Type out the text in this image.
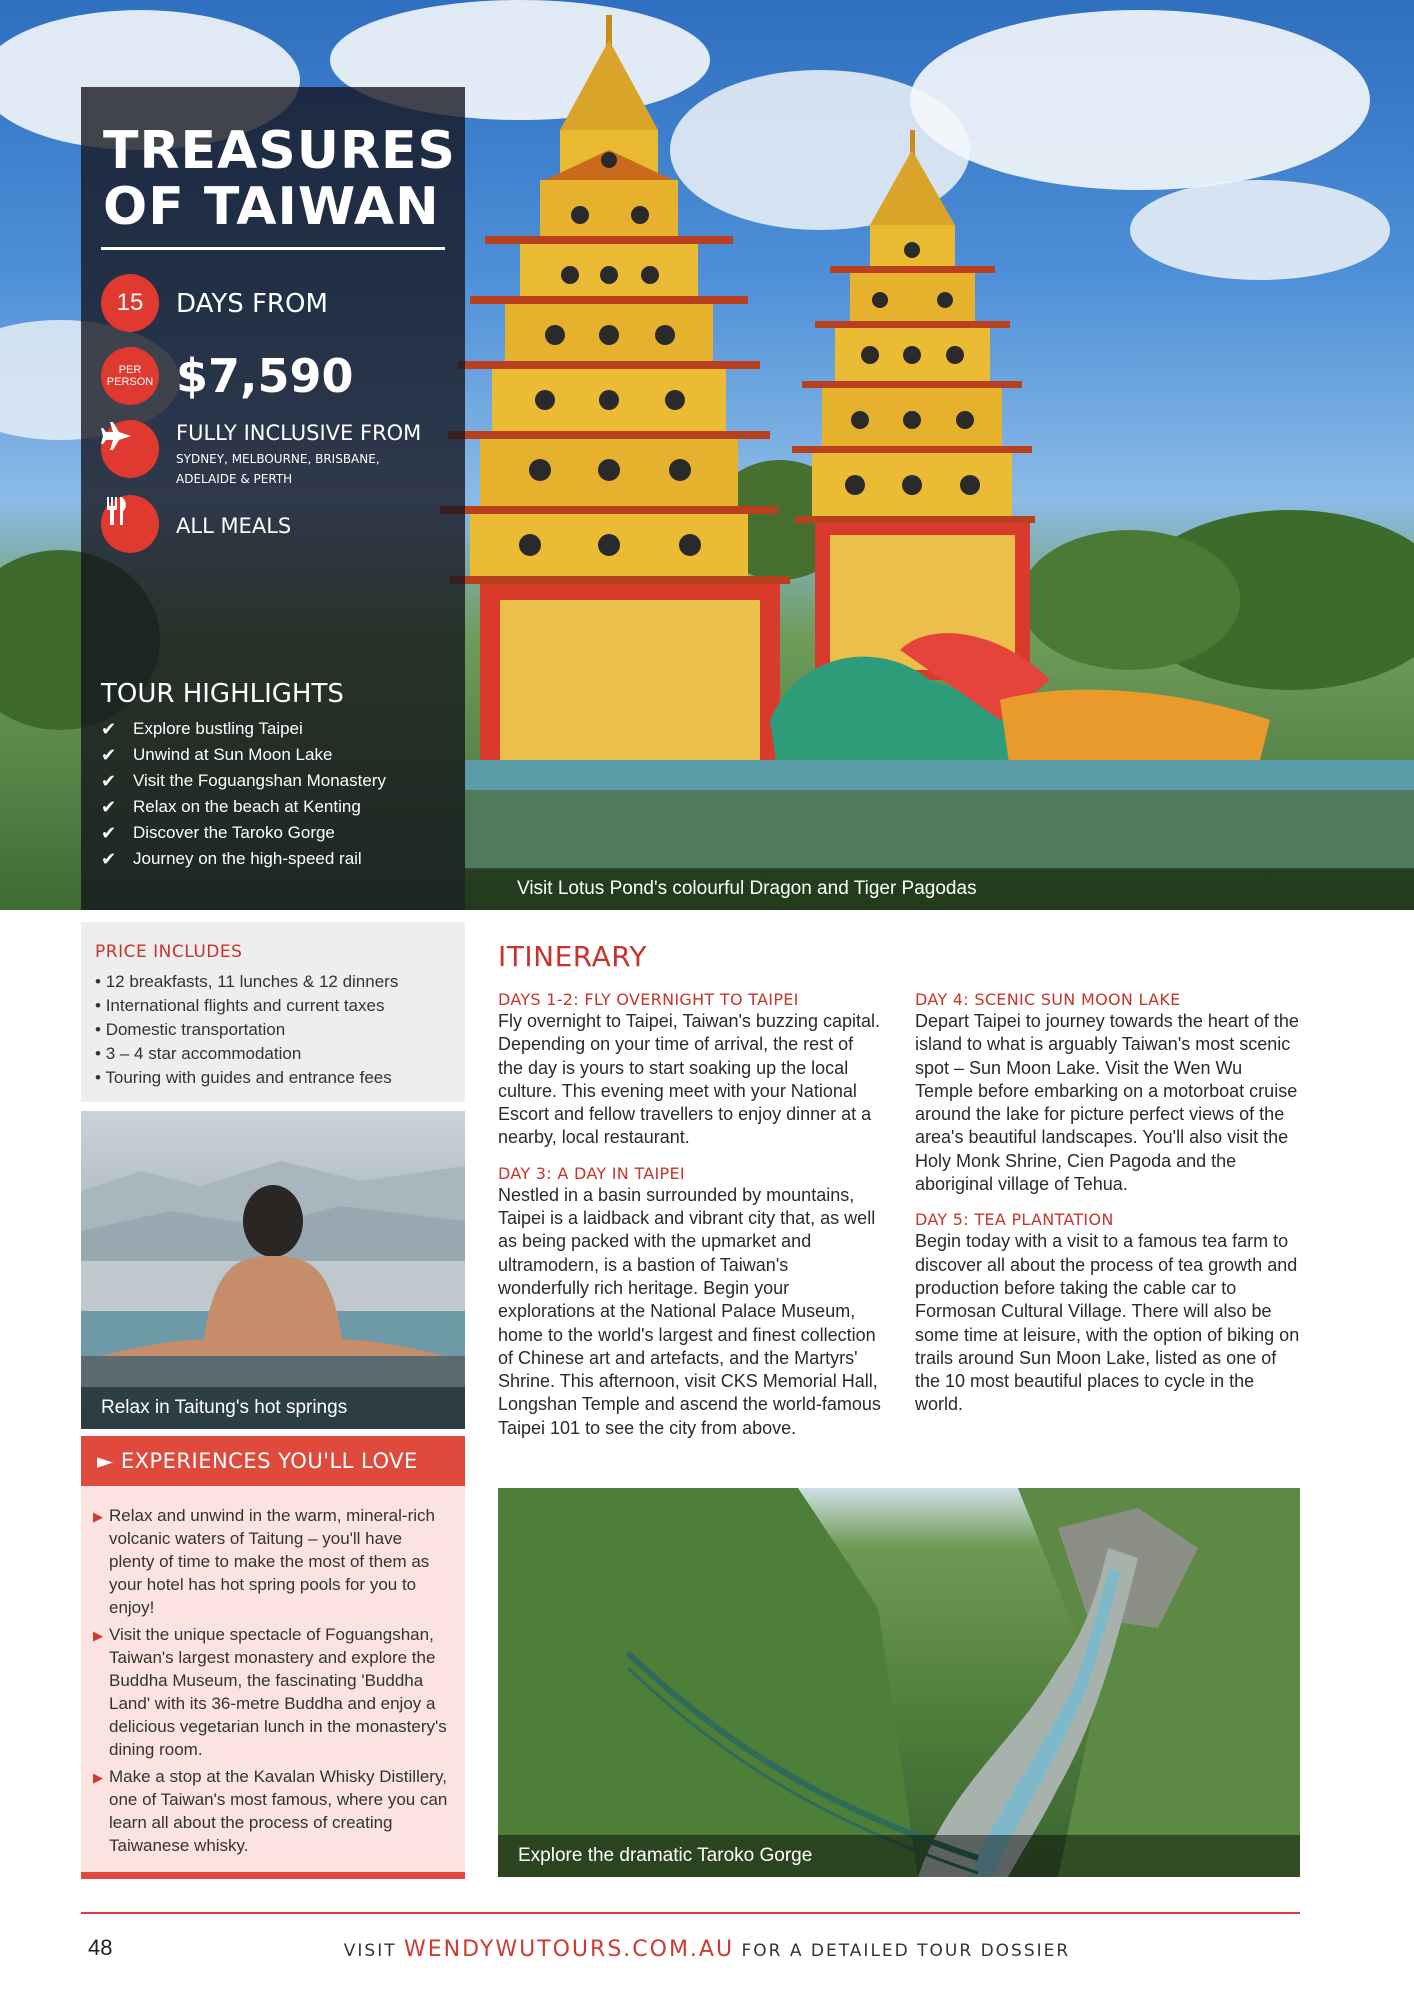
TREASURES
OF TAIWAN
15	DAYS FROM
PER PERSON $7,590
FULLY INCLUSIVE FROM
SYDNEY, MELBOURNE, BRISBANE, ADELAIDE & PERTH
ALL MEALS
TOUR HIGHLIGHTS
✔ Explore bustling Taipei
✔ Unwind at Sun Moon Lake
✔ Visit the Foguangshan Monastery
✔ Relax on the beach at Kenting
✔ Discover the Taroko Gorge
✔ Journey on the high-speed rail
Visit Lotus Pond's colourful Dragon and Tiger Pagodas
PRICE INCLUDES
• 12 breakfasts, 11 lunches & 12 dinners
• International flights and current taxes
• Domestic transportation
• 3 – 4 star accommodation
• Touring with guides and entrance fees
Relax in Taitung's hot springs
► EXPERIENCES YOU'LL LOVE

▶ Relax and unwind in the warm, mineral-rich volcanic waters of Taitung – you'll have plenty of time to make the most of them as your hotel has hot spring pools for you to enjoy!

▶ Visit the unique spectacle of Foguangshan, Taiwan's largest monastery and explore the Buddha Museum, the fascinating 'Buddha Land' with its 36-metre Buddha and enjoy a delicious vegetarian lunch in the monastery's dining room.

▶ Make a stop at the Kavalan Whisky Distillery, one of Taiwan's most famous, where you can learn all about the process of creating Taiwanese whisky.

ITINERARY
DAYS 1-2: FLY OVERNIGHT TO TAIPEI
Fly overnight to Taipei, Taiwan's buzzing capital. Depending on your time of arrival, the rest of the day is yours to start soaking up the local culture. This evening meet with your National Escort and fellow travellers to enjoy dinner at a nearby, local restaurant.
DAY 3: A DAY IN TAIPEI
Nestled in a basin surrounded by mountains, Taipei is a laidback and vibrant city that, as well as being packed with the upmarket and ultramodern, is a bastion of Taiwan's wonderfully rich heritage. Begin your explorations at the National Palace Museum, home to the world's largest and finest collection of Chinese art and artefacts, and the Martyrs' Shrine. This afternoon, visit CKS Memorial Hall, Longshan Temple and ascend the world-famous Taipei 101 to see the city from above.
DAY 4: SCENIC SUN MOON LAKE
Depart Taipei to journey towards the heart of the island to what is arguably Taiwan's most scenic spot – Sun Moon Lake. Visit the Wen Wu Temple before embarking on a motorboat cruise around the lake for picture perfect views of the area's beautiful landscapes. You'll also visit the Holy Monk Shrine, Cien Pagoda and the aboriginal village of Tehua.
DAY 5: TEA PLANTATION
Begin today with a visit to a famous tea farm to discover all about the process of tea growth and production before taking the cable car to Formosan Cultural Village. There will also be some time at leisure, with the option of biking on trails around Sun Moon Lake, listed as one of the 10 most beautiful places to cycle in the world.
Explore the dramatic Taroko Gorge
48	VISIT WENDYWUTOURS.COM.AU FOR A DETAILED TOUR DOSSIER
